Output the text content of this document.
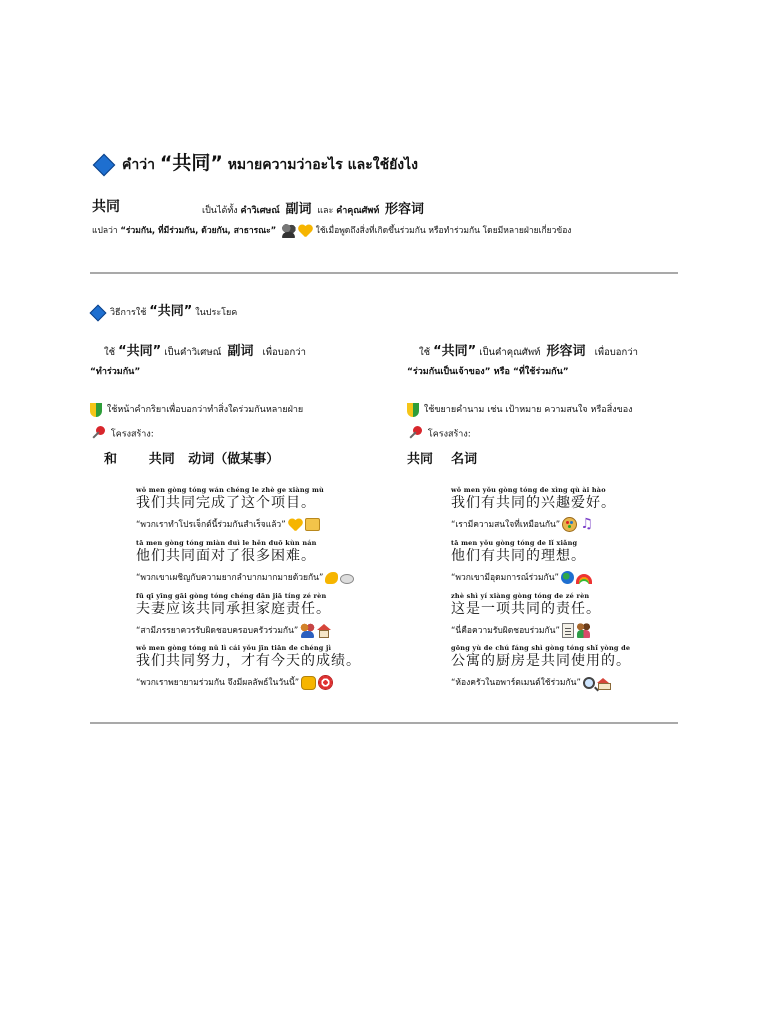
คำว่า “共同” หมายความว่าอะไร และใช้ยังไง
共同	เป็นได้ทั้ง คำวิเศษณ์ 副词 และ คำคุณศัพท์ 形容词
แปลว่า “ร่วมกัน, ที่มีร่วมกัน, ด้วยกัน, สาธารณะ”	ใช้เมื่อพูดถึงสิ่งที่เกิดขึ้นร่วมกัน หรือทำร่วมกัน โดยมีหลายฝ่ายเกี่ยวข้อง
วิธีการใช้ “共同” ในประโยค
ใช้ “共同” เป็นคำวิเศษณ์ 副词 เพื่อบอกว่า
“ทำร่วมกัน”
ใช้หน้าคำกริยาเพื่อบอกว่าทำสิ่งใดร่วมกันหลายฝ่าย
โครงสร้าง:
和 共同 动词（做某事）
wǒ men gòng tóng wán chéng le zhè ge xiàng mù
我们共同完成了这个项目。
“พวกเราทำโปรเจ็กต์นี้ร่วมกันสำเร็จแล้ว”
tā men gòng tóng miàn duì le hěn duō kùn nán
他们共同面对了很多困难。
“พวกเขาเผชิญกับความยากลำบากมากมายด้วยกัน”
fū qī yīng gāi gòng tóng chéng dān jiā tíng zé rèn
夫妻应该共同承担家庭责任。
“สามีภรรยาควรรับผิดชอบครอบครัวร่วมกัน”
wǒ men gòng tóng nǔ lì cái yǒu jīn tiān de chéng jì
我们共同努力，才有今天的成绩。
“พวกเราพยายามร่วมกัน จึงมีผลลัพธ์ในวันนี้”
ใช้ “共同” เป็นคำคุณศัพท์ 形容词 เพื่อบอกว่า
“ร่วมกันเป็นเจ้าของ” หรือ “ที่ใช้ร่วมกัน”
ใช้ขยายคำนาม เช่น เป้าหมาย ความสนใจ หรือสิ่งของ
โครงสร้าง:
共同 名词
wǒ men yǒu gòng tóng de xìng qù ài hào
我们有共同的兴趣爱好。
“เรามีความสนใจที่เหมือนกัน” ♫
tā men yǒu gòng tóng de lǐ xiǎng
他们有共同的理想。
“พวกเขามีอุดมการณ์ร่วมกัน”
zhè shì yí xiàng gòng tóng de zé rèn
这是一项共同的责任。
“นี่คือความรับผิดชอบร่วมกัน”
gōng yù de chú fáng shì gòng tóng shǐ yòng de
公寓的厨房是共同使用的。
“ห้องครัวในอพาร์ตเมนต์ใช้ร่วมกัน”
